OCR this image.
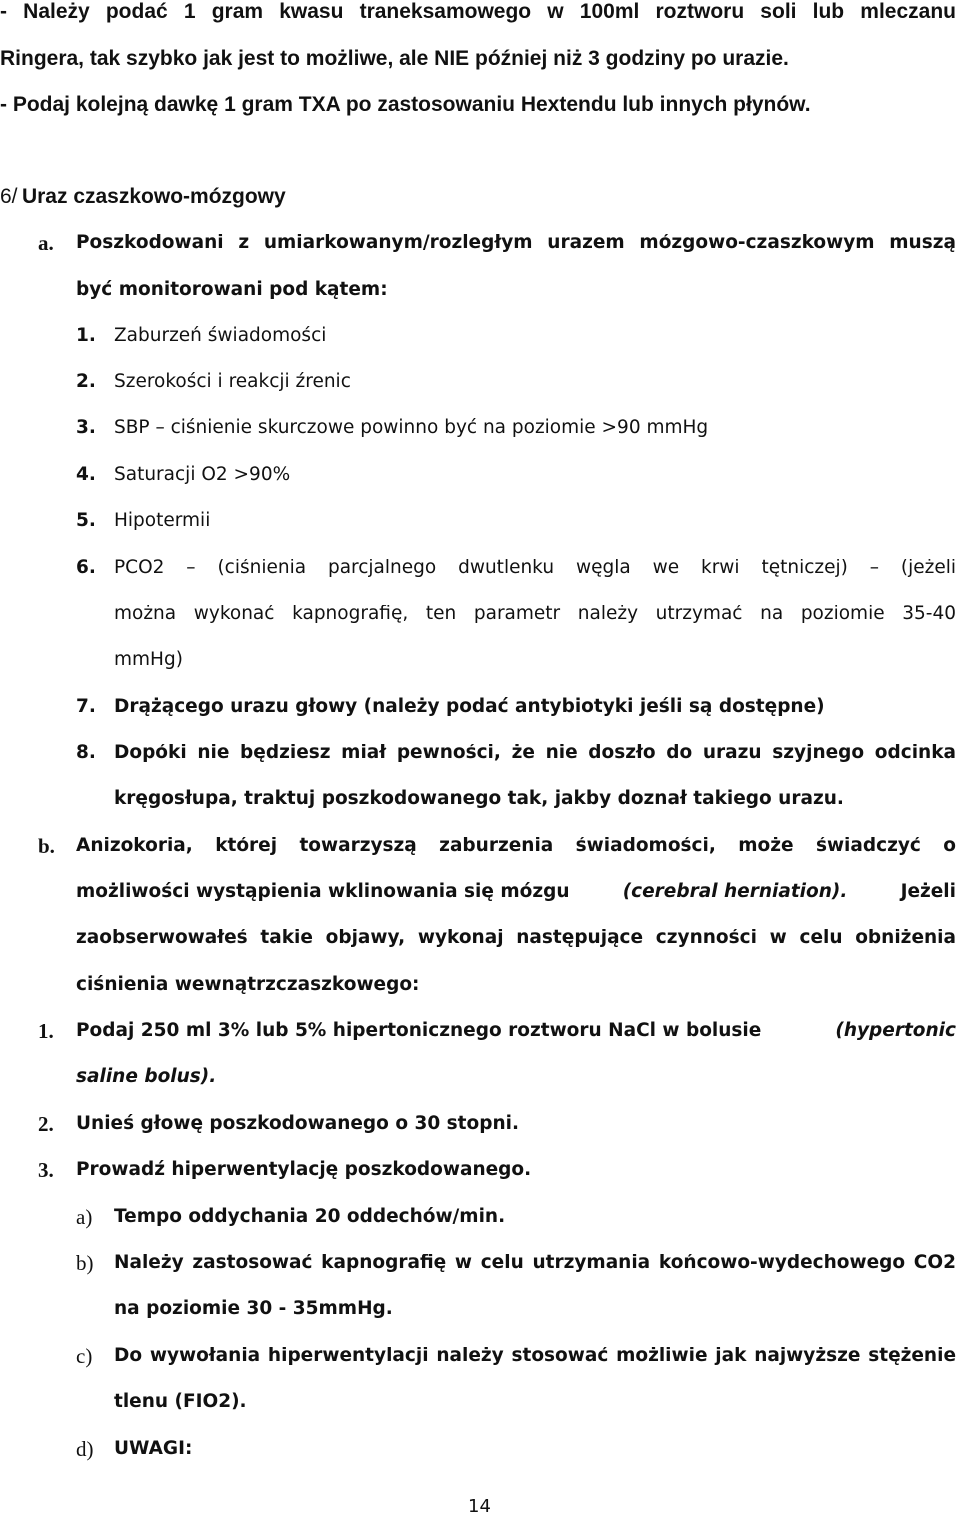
- Należy podać 1 gram kwasu traneksamowego w 100ml roztworu soli lub mleczanu
Ringera, tak szybko jak jest to możliwe, ale NIE później niż 3 godziny po urazie.
- Podaj kolejną dawkę 1 gram TXA po zastosowaniu Hextendu lub innych płynów.
6/ Uraz czaszkowo-mózgowy
a. Poszkodowani z umiarkowanym/rozległym urazem mózgowo-czaszkowym muszą
być monitorowani pod kątem:
1. Zaburzeń świadomości
2. Szerokości i reakcji źrenic
3. SBP – ciśnienie skurczowe powinno być na poziomie >90 mmHg
4. Saturacji O2 >90%
5. Hipotermii
6. PCO2 – (ciśnienia parcjalnego dwutlenku węgla we krwi tętniczej) – (jeżeli
można wykonać kapnografię, ten parametr należy utrzymać na poziomie 35-40
mmHg)
7. Drążącego urazu głowy (należy podać antybiotyki jeśli są dostępne)
8. Dopóki nie będziesz miał pewności, że nie doszło do urazu szyjnego odcinka
kręgosłupa, traktuj poszkodowanego tak, jakby doznał takiego urazu.
b. Anizokoria, której towarzyszą zaburzenia świadomości, może świadczyć o
możliwości wystąpienia wklinowania się mózgu	(cerebral herniation).	Jeżeli
zaobserwowałeś takie objawy, wykonaj następujące czynności w celu obniżenia
ciśnienia wewnątrzczaszkowego:
1. Podaj 250 ml 3% lub 5% hipertonicznego roztworu NaCl w bolusie	(hypertonic
saline bolus).
2. Unieś głowę poszkodowanego o 30 stopni.
3. Prowadź hiperwentylację poszkodowanego.
a) Tempo oddychania 20 oddechów/min.
b) Należy zastosować kapnografię w celu utrzymania końcowo-wydechowego CO2
na poziomie 30 - 35mmHg.
c) Do wywołania hiperwentylacji należy stosować możliwie jak najwyższe stężenie
tlenu (FIO2).
d) UWAGI:
14
